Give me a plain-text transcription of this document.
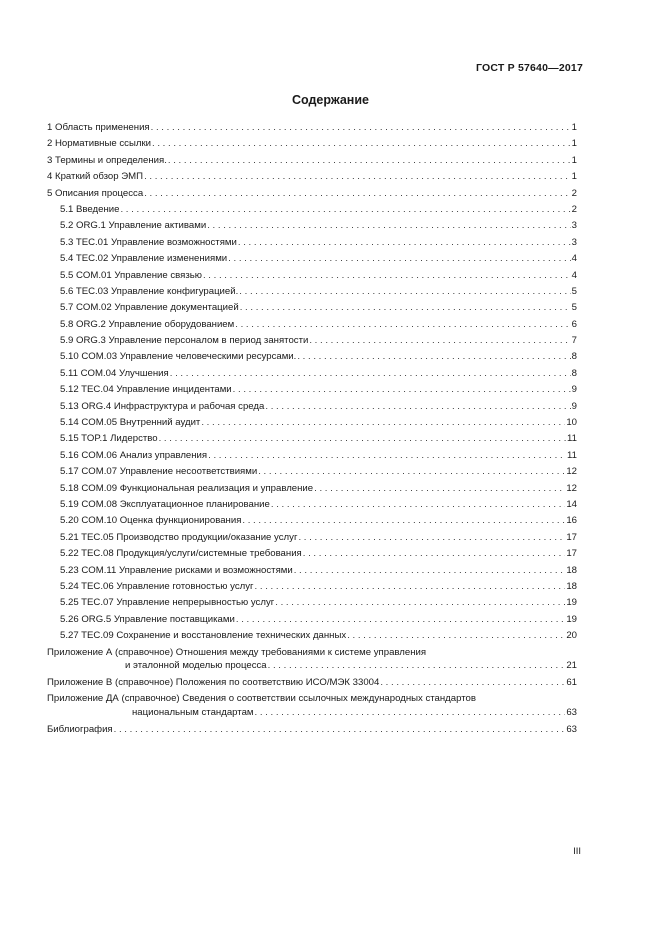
ГОСТ Р 57640—2017
Содержание
1 Область применения . . .	1
2 Нормативные ссылки . . .	1
3 Термины и определения. . . .	1
4 Краткий обзор ЭМП . . .	1
5 Описания процесса . . .	2
5.1 Введение . . .	2
5.2 ORG.1 Управление активами . . .	3
5.3 TEC.01 Управление возможностями . . .	3
5.4 TEC.02 Управление изменениями . . .	4
5.5 COM.01 Управление связью . . .	4
5.6 TEC.03 Управление конфигурацией. . . .	5
5.7 COM.02 Управление документацией . . .	5
5.8 ORG.2 Управление оборудованием . . .	6
5.9 ORG.3 Управление персоналом в период занятости . . .	7
5.10 COM.03 Управление человеческими ресурсами. . . .	8
5.11 COM.04 Улучшения . . .	8
5.12 TEC.04 Управление инцидентами . . .	9
5.13 ORG.4 Инфраструктура и рабочая среда . . .	9
5.14 COM.05 Внутренний аудит . . .	10
5.15 TOP.1 Лидерство . . .	11
5.16 COM.06 Анализ управления . . .	11
5.17 COM.07 Управление несоответствиями . . .	12
5.18 COM.09 Функциональная реализация и управление . . .	12
5.19 COM.08 Эксплуатационное планирование . . .	14
5.20 COM.10 Оценка функционирования . . .	16
5.21 TEC.05 Производство продукции/оказание услуг . . .	17
5.22 TEC.08 Продукция/услуги/системные требования . . .	17
5.23 COM.11 Управление рисками и возможностями . . .	18
5.24 TEC.06 Управление готовностью услуг . . .	18
5.25 TEC.07 Управление непрерывностью услуг . . .	19
5.26 ORG.5 Управление поставщиками . . .	19
5.27 TEC.09 Сохранение и восстановление технических данных . . .	20
Приложение А (справочное) Отношения между требованиями к системе управления
и эталонной моделью процесса . . .	21
Приложение В (справочное) Положения по соответствию ИСО/МЭК 33004 . . .	61
Приложение ДА (справочное) Сведения о соответствии ссылочных международных стандартов
национальным стандартам . . .	63
Библиография . . .	63
III
